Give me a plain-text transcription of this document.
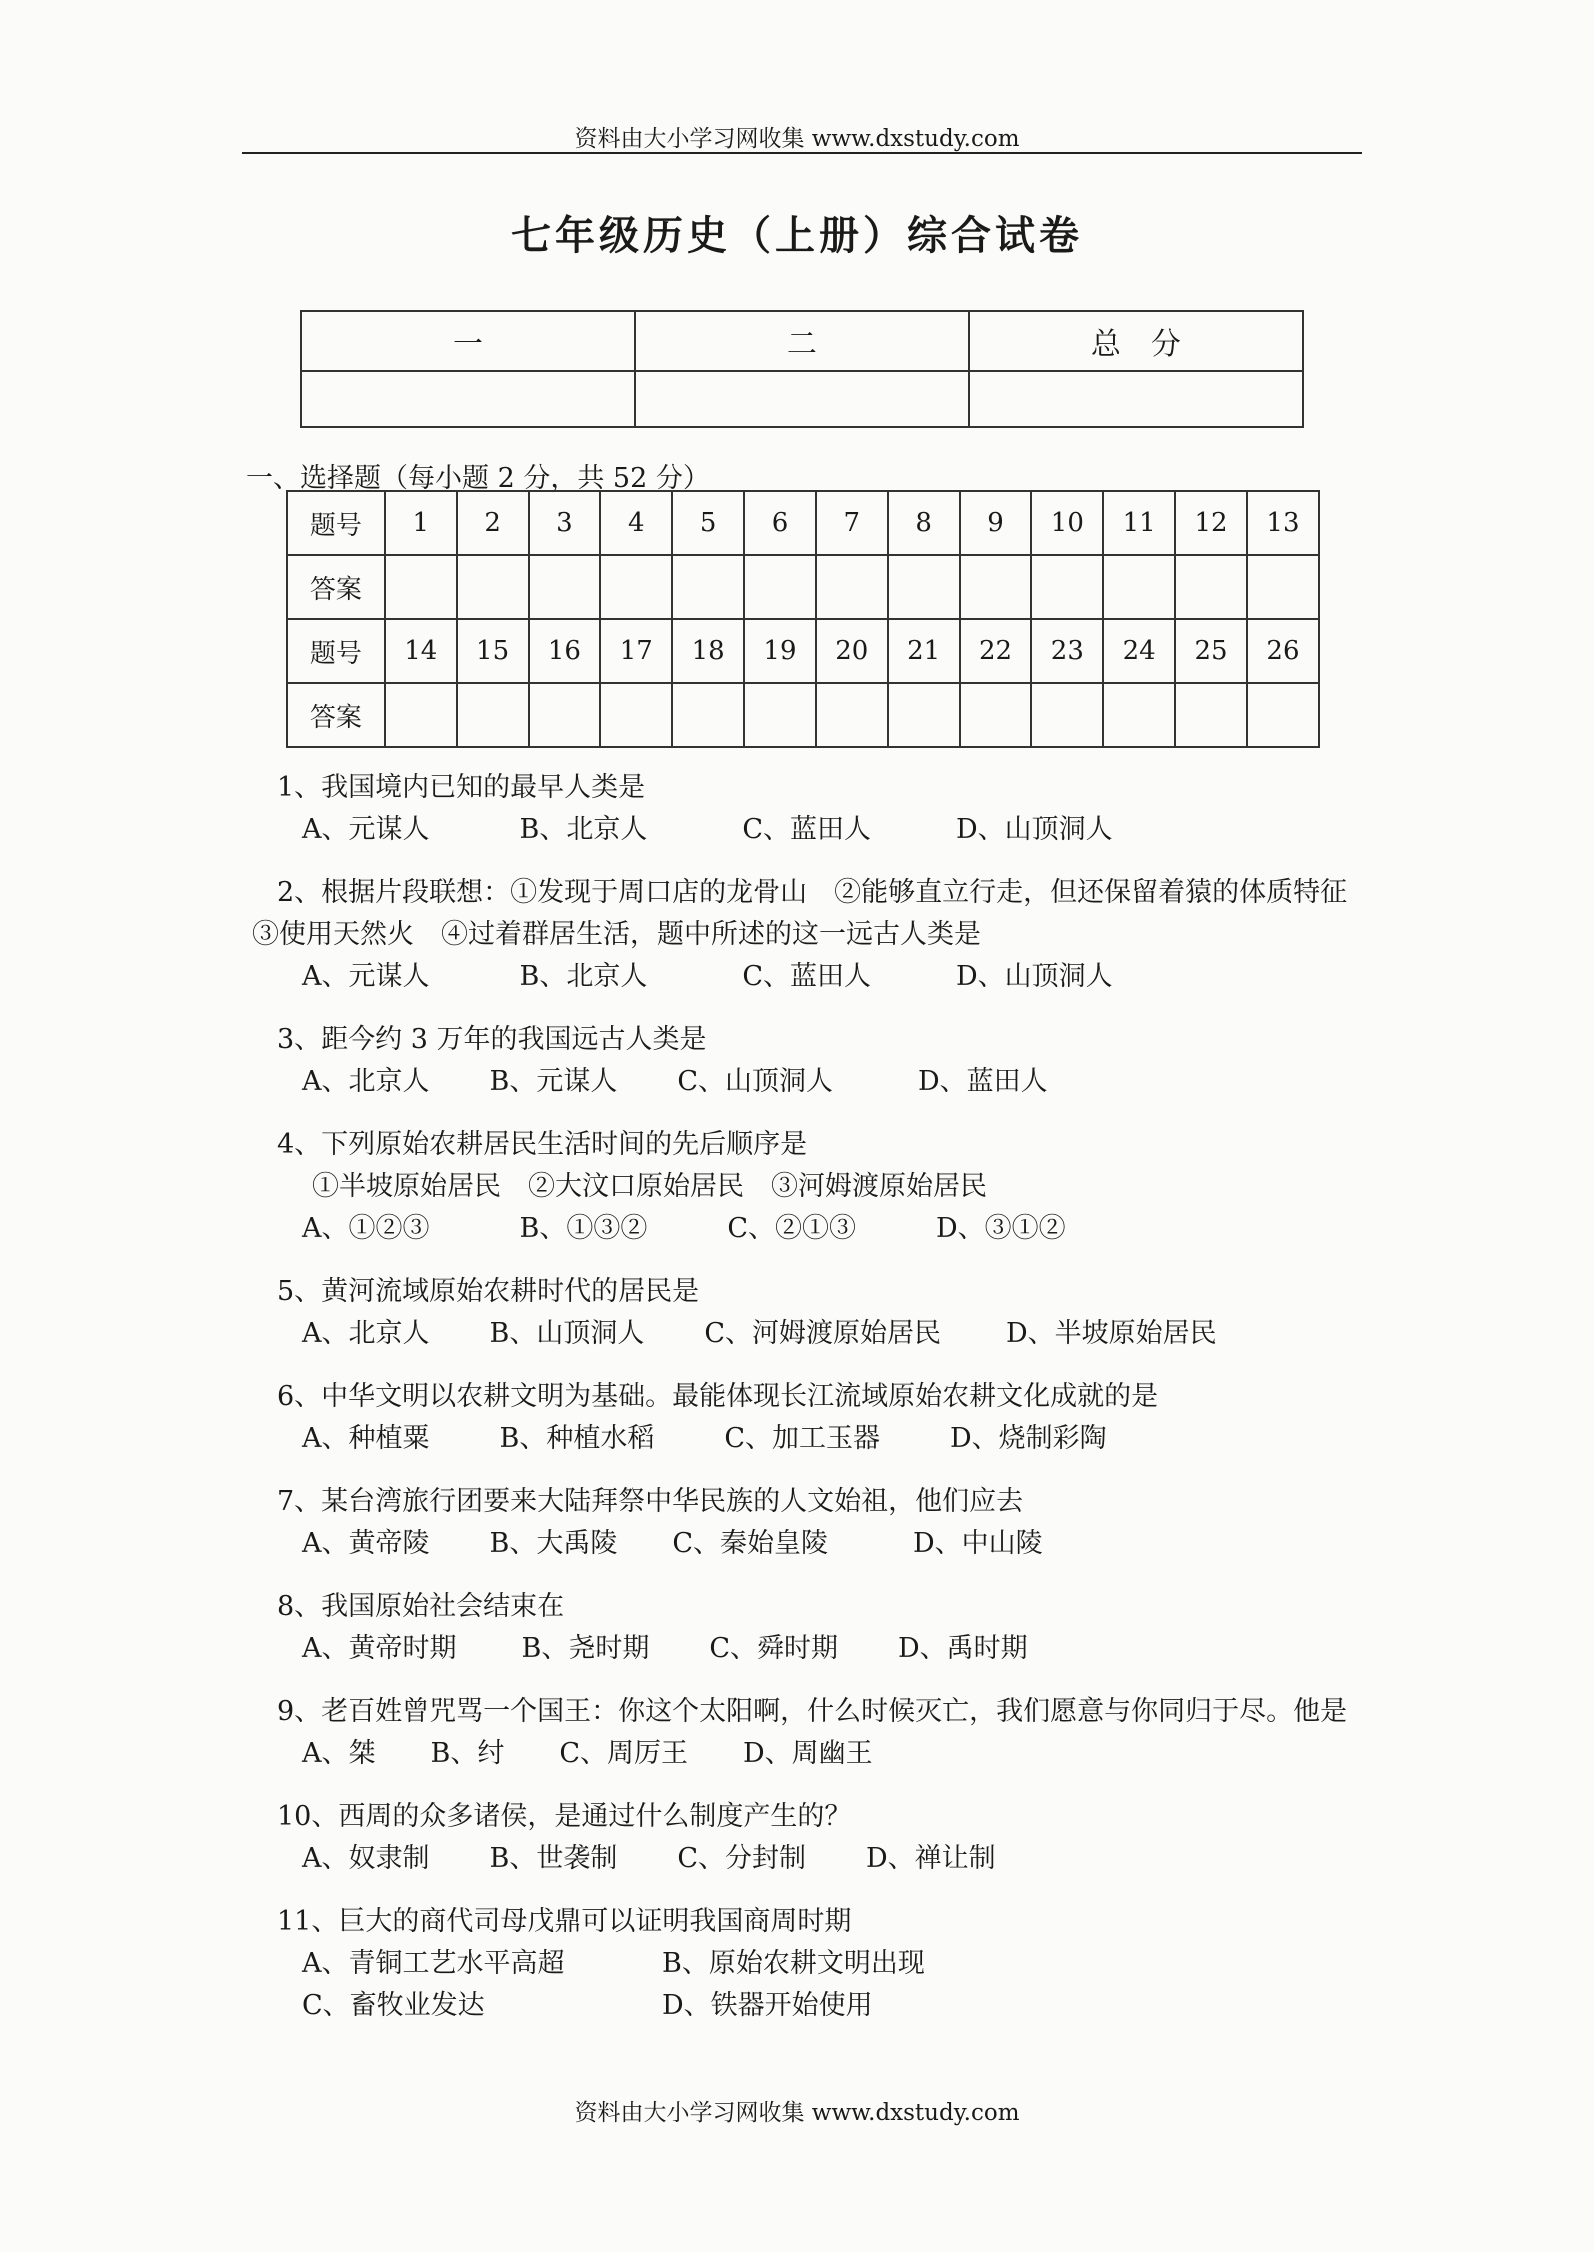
资料由大小学习网收集 www.dxstudy.com
七年级历史（上册）综合试卷
一	二	总　分

一、选择题（每小题 2 分，共 52 分）
题号	1	2	3	4	5	6	7	8	9	10	11	12	13
答案													
题号	14	15	16	17	18	19	20	21	22	23	24	25	26
答案													
1、我国境内已知的最早人类是
A、元谋人	B、北京人	C、蓝田人	D、山顶洞人
2、根据片段联想：①发现于周口店的龙骨山　②能够直立行走，但还保留着猿的体质特征　③使用天然火　④过着群居生活，题中所述的这一远古人类是
A、元谋人	B、北京人	C、蓝田人	D、山顶洞人
3、距今约 3 万年的我国远古人类是
A、北京人 B、元谋人 C、山顶洞人	D、蓝田人
4、下列原始农耕居民生活时间的先后顺序是
①半坡原始居民　②大汶口原始居民　③河姆渡原始居民
A、①②③	B、①③②	C、②①③	D、③①②
5、黄河流域原始农耕时代的居民是
A、北京人 B、山顶洞人 C、河姆渡原始居民 D、半坡原始居民
6、中华文明以农耕文明为基础。最能体现长江流域原始农耕文化成就的是
A、种植粟	B、种植水稻	C、加工玉器	D、烧制彩陶
7、某台湾旅行团要来大陆拜祭中华民族的人文始祖，他们应去
A、黄帝陵 B、大禹陵 C、秦始皇陵	D、中山陵
8、我国原始社会结束在
A、黄帝时期 B、尧时期 C、舜时期 D、禹时期
9、老百姓曾咒骂一个国王：你这个太阳啊，什么时候灭亡，我们愿意与你同归于尽。他是
A、桀 B、纣 C、周厉王 D、周幽王
10、西周的众多诸侯，是通过什么制度产生的？
A、奴隶制 B、世袭制 C、分封制 D、禅让制
11、巨大的商代司母戊鼎可以证明我国商周时期
A、青铜工艺水平高超	B、原始农耕文明出现
C、畜牧业发达	D、铁器开始使用
资料由大小学习网收集 www.dxstudy.com
